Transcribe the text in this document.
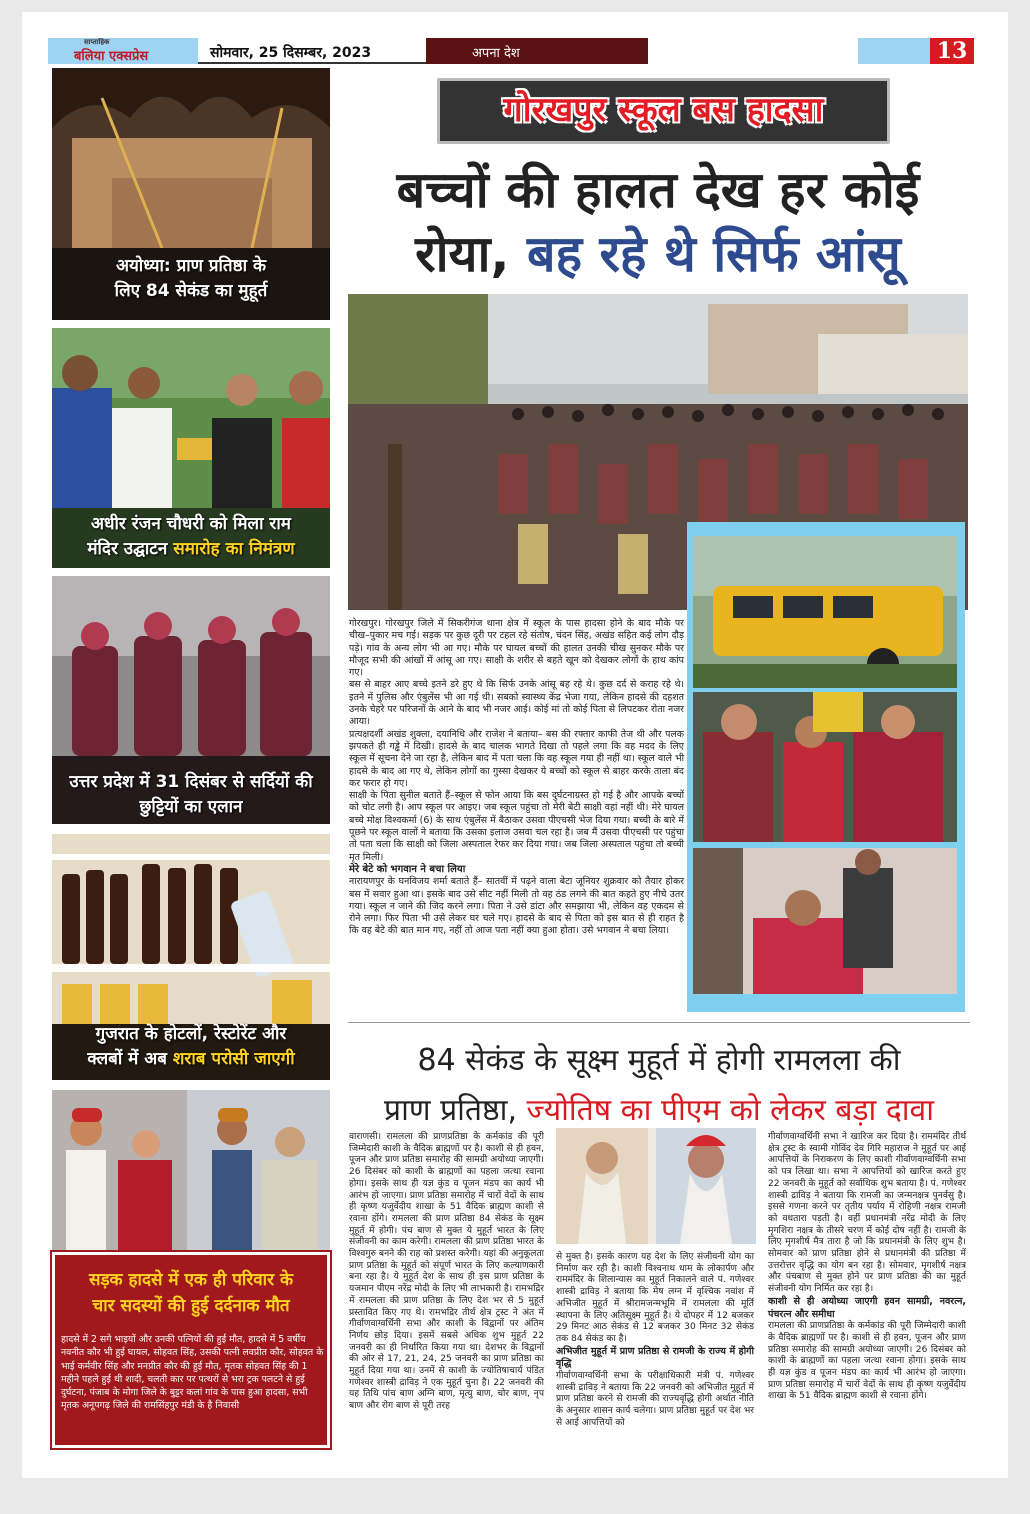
साप्ताहिक
बलिया एक्सप्रेस	सोमवार, 25 दिसम्बर, 2023	अपना देश	13
अयोध्या: प्राण प्रतिष्ठा के
लिए 84 सेकंड का मुहूर्त
अधीर रंजन चौधरी को मिला राम
मंदिर उद्घाटन समारोह का निमंत्रण
उत्तर प्रदेश में 31 दिसंबर से सर्दियों की
छुट्टियों का एलान
गुजरात के होटलों, रेस्टोरेंट और
क्लबों में अब शराब परोसी जाएगी
सड़क हादसे में एक ही परिवार के
चार सदस्यों की हुई दर्दनाक मौत

हादसे में 2 सगे भाइयों और उनकी पत्नियों की हुई मौत, हादसे में 5 वर्षीय नवनीत कौर भी हुई घायल, सोहवत सिंह, उसकी पत्नी लवप्रीत कौर, सोहवत के भाई कर्मवीर सिंह और मनप्रीत कौर की हुई मौत, मृतक सोहवत सिंह की 1 महीने पहले हुई थी शादी, चलती कार पर पत्थरों से भरा ट्रक पलटने से हुई दुर्घटना, पंजाब के मोगा जिले के बुट्टर कलां गांव के पास हुआ हादसा, सभी मृतक अनूपगढ़ जिले की रामसिंहपुर मंडी के है निवासी

गोरखपुर स्कूल बस हादसा
बच्चों की हालत देख हर कोई
रोया, बह रहे थे सिर्फ आंसू

गोरखपुर। गोरखपुर जिले में सिकरीगंज थाना क्षेत्र में स्कूल के पास हादसा होने के बाद मौके पर चीख–पुकार मच गई। सड़क पर कुछ दूरी पर टहल रहे संतोष, चंदन सिंह, अखंड सहित कई लोग दौड़ पड़े। गांव के अन्य लोग भी आ गए। मौके पर घायल बच्चों की हालत उनकी चीख सुनकर मौके पर मौजूद सभी की आंखों में आंसू आ गए। साक्षी के शरीर से बहते खून को देखकर लोगों के हाथ कांप गए।

बस से बाहर आए बच्चे इतने डरे हुए थे कि सिर्फ उनके आंसू बह रहे थे। कुछ दर्द से कराह रहे थे। इतने में पुलिस और एंबुलेंस भी आ गई थी। सबको स्वास्थ्य केंद्र भेजा गया, लेकिन हादसे की दहशत उनके चेहरे पर परिजनों के आने के बाद भी नजर आई। कोई मां तो कोई पिता से लिपटकर रोता नजर आया।

प्रत्यक्षदर्शी अखंड शुक्ला, दयानिधि और राजेश ने बताया– बस की रफ्तार काफी तेज थी और पलक झपकते ही गड्ढे में दिखी। हादसे के बाद चालक भागते दिखा तो पहले लगा कि वह मदद के लिए स्कूल में सूचना देने जा रहा है, लेकिन बाद में पता चला कि वह स्कूल गया ही नहीं था। स्कूल वाले भी हादसे के बाद आ गए थे, लेकिन लोगों का गुस्सा देखकर ये बच्चों को स्कूल से बाहर करके ताला बंद कर फरार हो गए।

साक्षी के पिता सुनील बताते हैं–स्कूल से फोन आया कि बस दुर्घटनाग्रस्त हो गई है और आपके बच्चों को चोट लगी है। आप स्कूल पर आइए। जब स्कूल पहुंचा तो मेरी बेटी साक्षी वहां नहीं थी। मेरे घायल बच्चे मोक्ष विश्वकर्मा (6) के साथ एंबुलेंस में बैठाकर उसवा पीएचसी भेज दिया गया। बच्ची के बारे में पूछने पर स्कूल वालों ने बताया कि उसका इलाज उसवा चल रहा है। जब मैं उसवा पीएचसी पर पहुंचा तो पता चला कि साक्षी को जिला अस्पताल रेफर कर दिया गया। जब जिला अस्पताल पहुंचा तो बच्ची मृत मिली।

मेरे बेटे को भगवान ने बचा लिया

नारायणपुर के घनविजय शर्मा बताते हैं– सातवीं में पढ़ने वाला बेटा जूनियर शुक्रवार को तैयार होकर बस में सवार हुआ था। इसके बाद उसे सीट नहीं मिली तो वह ठंड लगने की बात कहते हुए नीचे उतर गया। स्कूल न जाने की जिद करने लगा। पिता ने उसे डांटा और समझाया भी, लेकिन वह एकदम से रोने लगा। फिर पिता भी उसे लेकर घर चले गए। हादसे के बाद से पिता को इस बात से ही राहत है कि वह बेटे की बात मान गए, नहीं तो आज पता नहीं क्या हुआ होता। उसे भगवान ने बचा लिया।

84 सेकंड के सूक्ष्म मुहूर्त में होगी रामलला की
प्राण प्रतिष्ठा, ज्योतिष का पीएम को लेकर बड़ा दावा

वाराणसी। रामलला की प्राणप्रतिष्ठा के कर्मकांड की पूरी जिम्मेदारी काशी के वैदिक ब्राह्मणों पर है। काशी से ही हवन, पूजन और प्राण प्रतिष्ठा समारोह की सामग्री अयोध्या जाएगी। 26 दिसंबर को काशी के ब्राह्मणों का पहला जत्था रवाना होगा। इसके साथ ही यज्ञ कुंड व पूजन मंडप का कार्य भी आरंभ हो जाएगा। प्राण प्रतिष्ठा समारोह में चारों वेदों के साथ ही कृष्ण यजुर्वेदीय शाखा के 51 वैदिक ब्राह्मण काशी से रवाना होंगे। रामलला की प्राण प्रतिष्ठा 84 सेकंड के सूक्ष्म मुहूर्त में होगी। पंच बाण से मुक्त ये मुहूर्त भारत के लिए संजीवनी का काम करेगी। रामलला की प्राण प्रतिष्ठा भारत के विश्वगुरु बनने की राह को प्रशस्त करेगी। यहां की अनुकूलता प्राण प्रतिष्ठा के मुहूर्त को संपूर्ण भारत के लिए कल्याणकारी बना रहा है। ये मुहूर्त देश के साथ ही इस प्राण प्रतिष्ठा के यजमान पीएम नरेंद्र मोदी के लिए भी लाभकारी है। रामभद्रिर में रामलला की प्राण प्रतिष्ठा के लिए देश भर से 5 मुहूर्त प्रस्तावित किए गए थे। रामभद्रिर तीर्थ क्षेत्र ट्रस्ट ने अंत में गीर्वाणवाग्वर्धिनी सभा और काशी के विद्वानों पर अंतिम निर्णय छोड़ दिया। इसमें सबसे अधिक शुभ मुहूर्त 22 जनवरी का ही निर्धारित किया गया था। देशभर के विद्वानों की ओर से 17, 21, 24, 25 जनवरी का प्राण प्रतिष्ठा का मुहूर्त दिया गया था। उनमें से काशी के ज्योतिषाचार्य पंडित गणेश्वर शास्त्री द्राविड़ ने एक मुहूर्त चुना है। 22 जनवरी की यह तिथि पांच बाण अग्नि बाण, मृत्यु बाण, चोर बाण, नृप बाण और रोग बाण से पूरी तरह

से मुक्त है। इसके कारण यह देश के लिए संजीवनी योग का निर्माण कर रही है। काशी विश्वनाथ धाम के लोकार्पण और राममंदिर के शिलान्यास का मुहूर्त निकालने वाले पं. गणेश्वर शास्त्री द्राविड़ ने बताया कि मेष लग्न में वृश्चिक नवांश में अभिजीत मुहूर्त में श्रीरामजन्मभूमि में रामलला की मूर्ति स्थापना के लिए अतिसूक्ष्म मुहूर्त है। ये दोपहर में 12 बजकर 29 मिनट आठ सेकंड से 12 बजकर 30 मिनट 32 सेकंड तक 84 सेकंड का है।

अभिजीत मुहूर्त में प्राण प्रतिष्ठा से रामजी के राज्य में होगी वृद्धि

गीर्वाणवाग्वर्धिनी सभा के परीक्षाधिकारी मंत्री पं. गणेश्वर शास्त्री द्राविड़ ने बताया कि 22 जनवरी को अभिजीत मुहूर्त में प्राण प्रतिष्ठा करने से रामजी की राज्यवृद्धि होगी अर्थात नीति के अनुसार शासन कार्य चलेगा। प्राण प्रतिष्ठा मुहूर्त पर देश भर से आई आपत्तियों को

गीर्वाणवाग्वर्धिनी सभा ने खारिज कर दिया है। राममंदिर तीर्थ क्षेत्र ट्रस्ट के स्वामी गोविंद देव गिरि महाराज ने मुहूर्त पर आई आपत्तियों के निराकरण के लिए काशी गीर्वाणवाग्वर्धिनी सभा को पत्र लिखा था। सभा ने आपत्तियों को खारिज करते हुए 22 जनवरी के मुहूर्त को सर्वाधिक शुभ बताया है। पं. गणेश्वर शास्त्री द्राविड़ ने बताया कि रामजी का जन्मनक्षत्र पुनर्वसु है। इससे गणना करने पर तृतीय पर्याय में रोहिणी नक्षत्र रामजी को वधतारा पड़ती है। वहीं प्रधानमंत्री नरेंद्र मोदी के लिए मृगशिरा नक्षत्र के तीसरे चरण में कोई दोष नहीं है। रामजी के लिए मृगशीर्ष मैत्र तारा है जो कि प्रधानमंत्री के लिए शुभ है। सोमवार को प्राण प्रतिष्ठा होने से प्रधानमंत्री की प्रतिष्ठा में उत्तरोत्तर वृद्धि का योग बन रहा है। सोमवार, मृगशीर्ष नक्षत्र और पंचबाण से मुक्त होने पर प्राण प्रतिष्ठा की का मुहूर्त संजीवनी योग निर्मित कर रहा है।

काशी से ही अयोध्या जाएगी हवन सामग्री, नवरत्न, पंचरत्न और समीधा

रामलला की प्राणप्रतिष्ठा के कर्मकांड की पूरी जिम्मेदारी काशी के वैदिक ब्राह्मणों पर है। काशी से ही हवन, पूजन और प्राण प्रतिष्ठा समारोह की सामग्री अयोध्या जाएगी। 26 दिसंबर को काशी के ब्राह्मणों का पहला जत्था रवाना होगा। इसके साथ ही यज्ञ कुंड व पूजन मंडप का कार्य भी आरंभ हो जाएगा। प्राण प्रतिष्ठा समारोह में चारों वेदों के साथ ही कृष्ण यजुर्वेदीय शाखा के 51 वैदिक ब्राह्मण काशी से रवाना होंगे।
